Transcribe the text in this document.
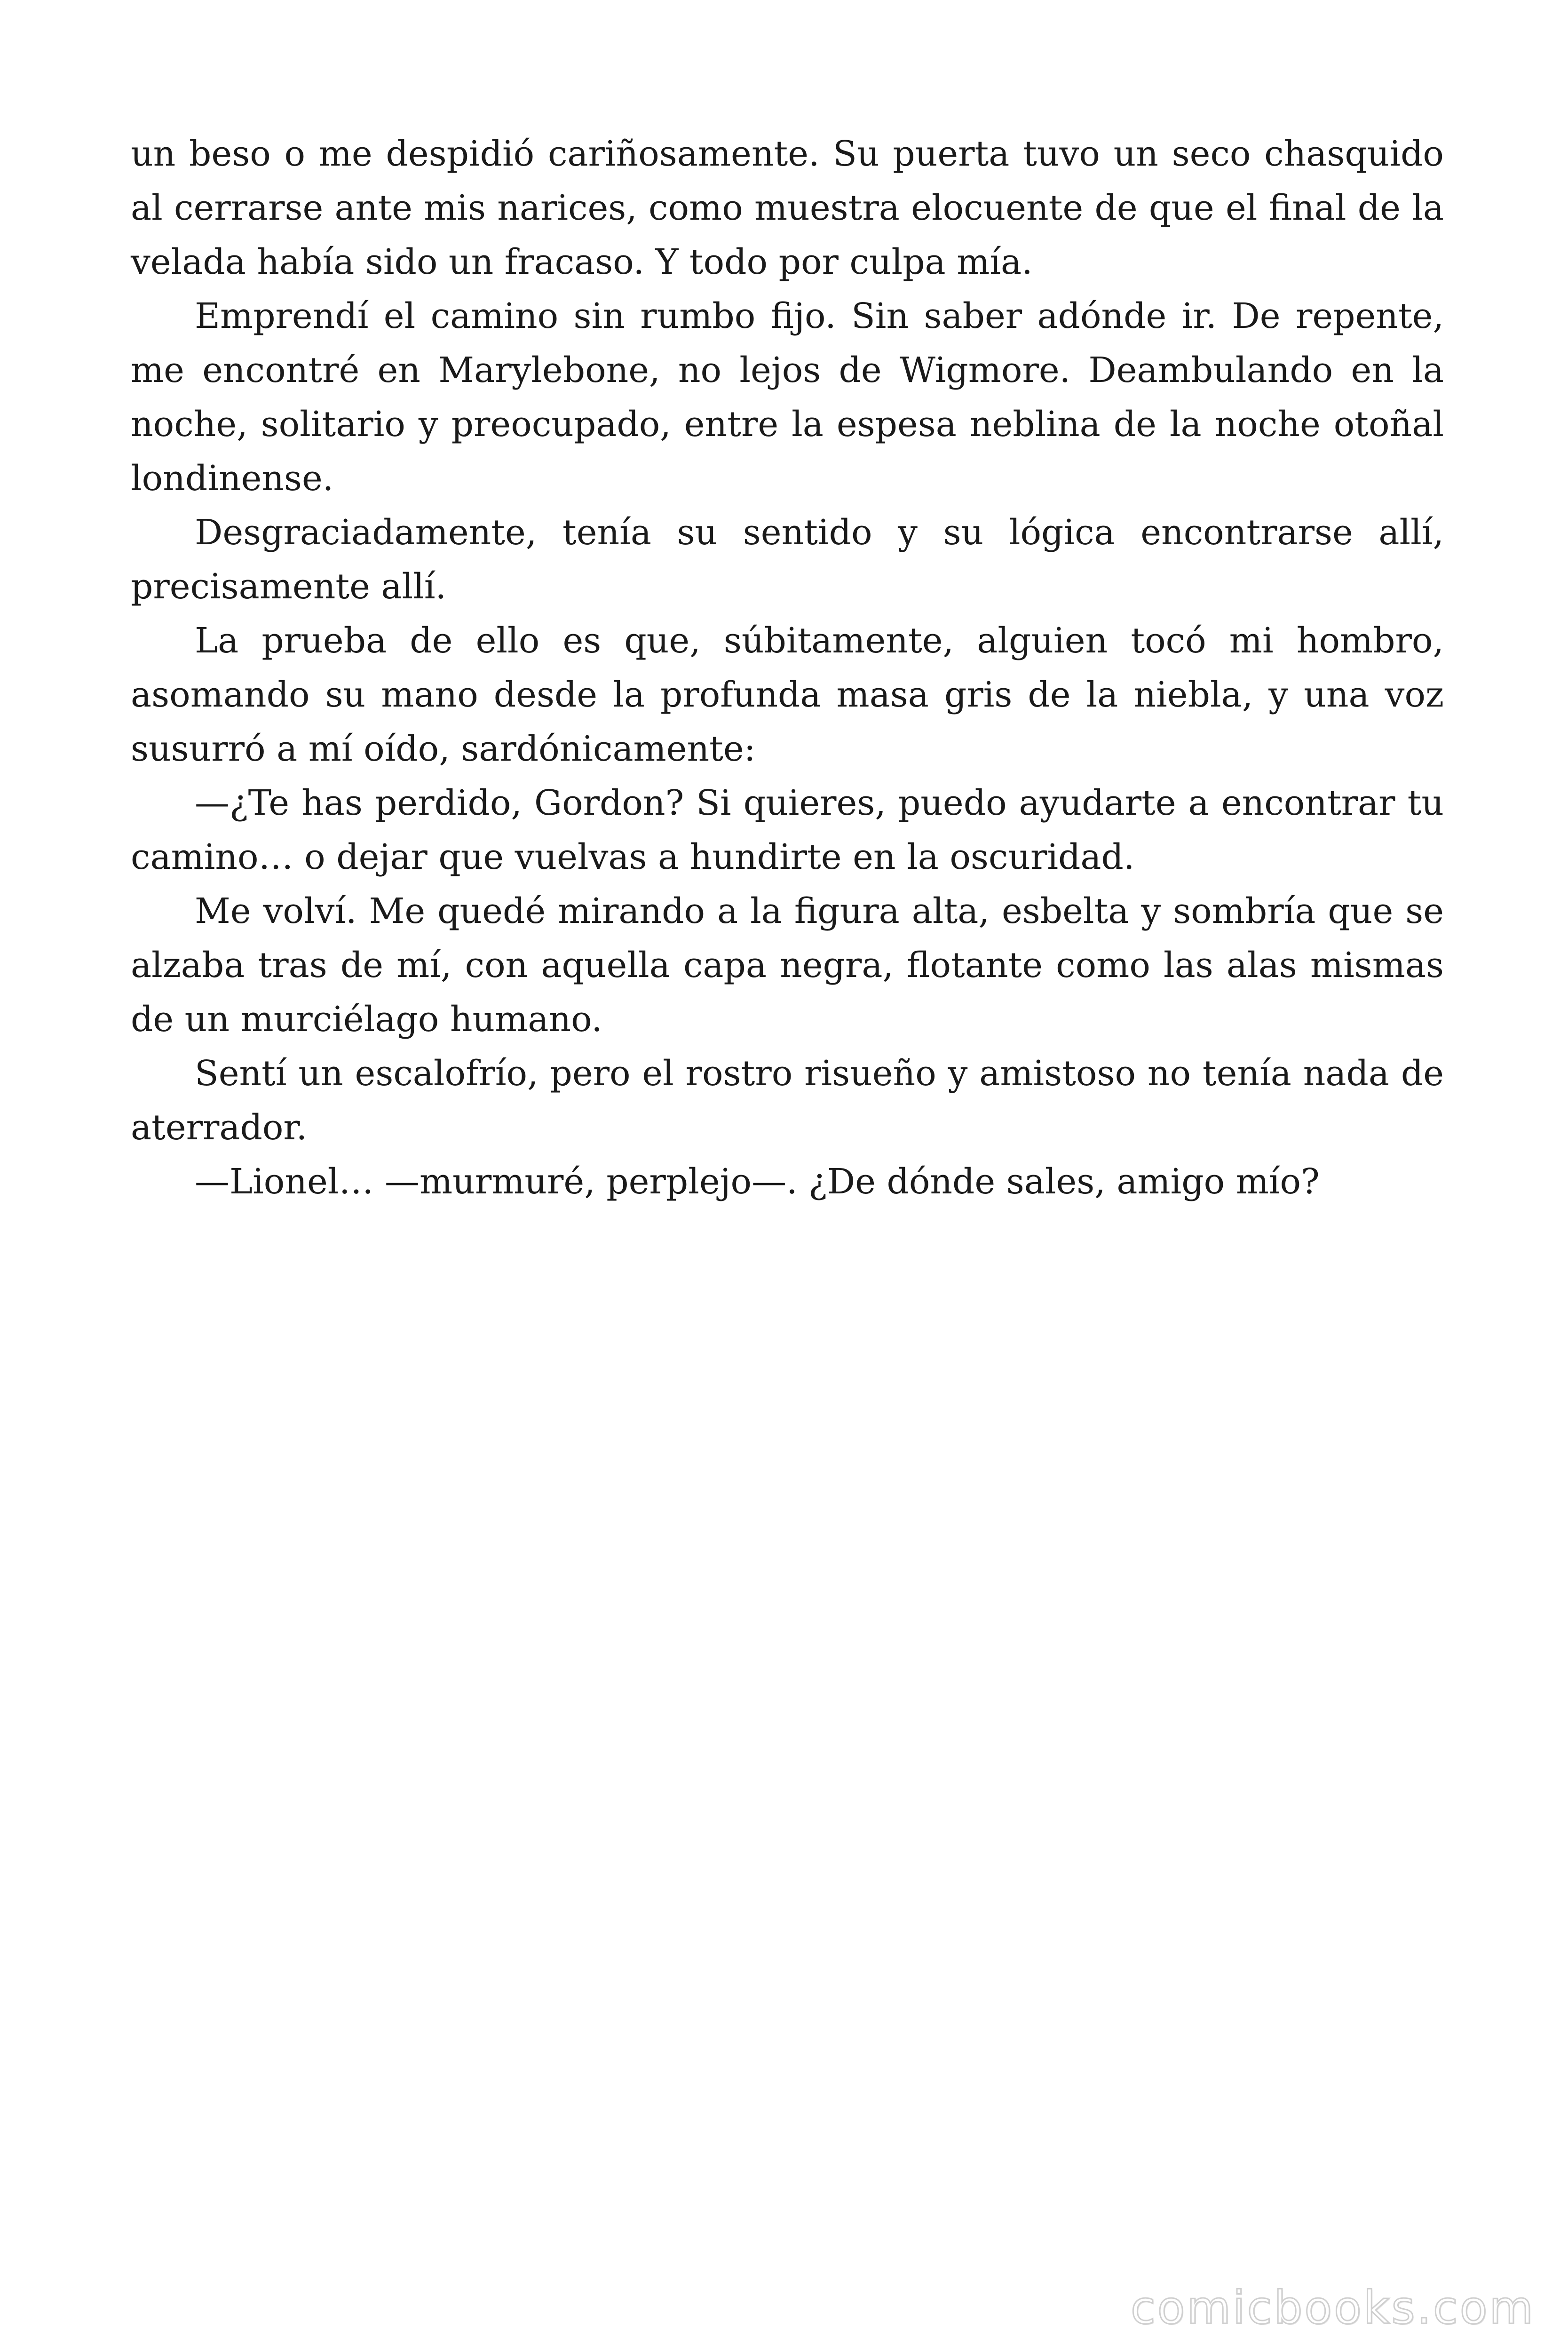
un beso o me despidió cariñosamente. Su puerta tuvo un seco chasquido al cerrarse ante mis narices, como muestra elocuente de que el final de la velada había sido un fracaso. Y todo por culpa mía.

Emprendí el camino sin rumbo fijo. Sin saber adónde ir. De repente, me encontré en Marylebone, no lejos de Wigmore. Deambulando en la noche, solitario y preocupado, entre la espesa neblina de la noche otoñal londinense.

Desgraciadamente, tenía su sentido y su lógica encontrarse allí, precisamente allí.

La prueba de ello es que, súbitamente, alguien tocó mi hombro, asomando su mano desde la profunda masa gris de la niebla, y una voz susurró a mí oído, sardónicamente:

—¿Te has perdido, Gordon? Si quieres, puedo ayudarte a encontrar tu camino… o dejar que vuelvas a hundirte en la oscuridad.

Me volví. Me quedé mirando a la figura alta, esbelta y sombría que se alzaba tras de mí, con aquella capa negra, flotante como las alas mismas de un murciélago humano.

Sentí un escalofrío, pero el rostro risueño y amistoso no tenía nada de aterrador.

—Lionel… —murmuré, perplejo—. ¿De dónde sales, amigo mío?

comicbooks.com
